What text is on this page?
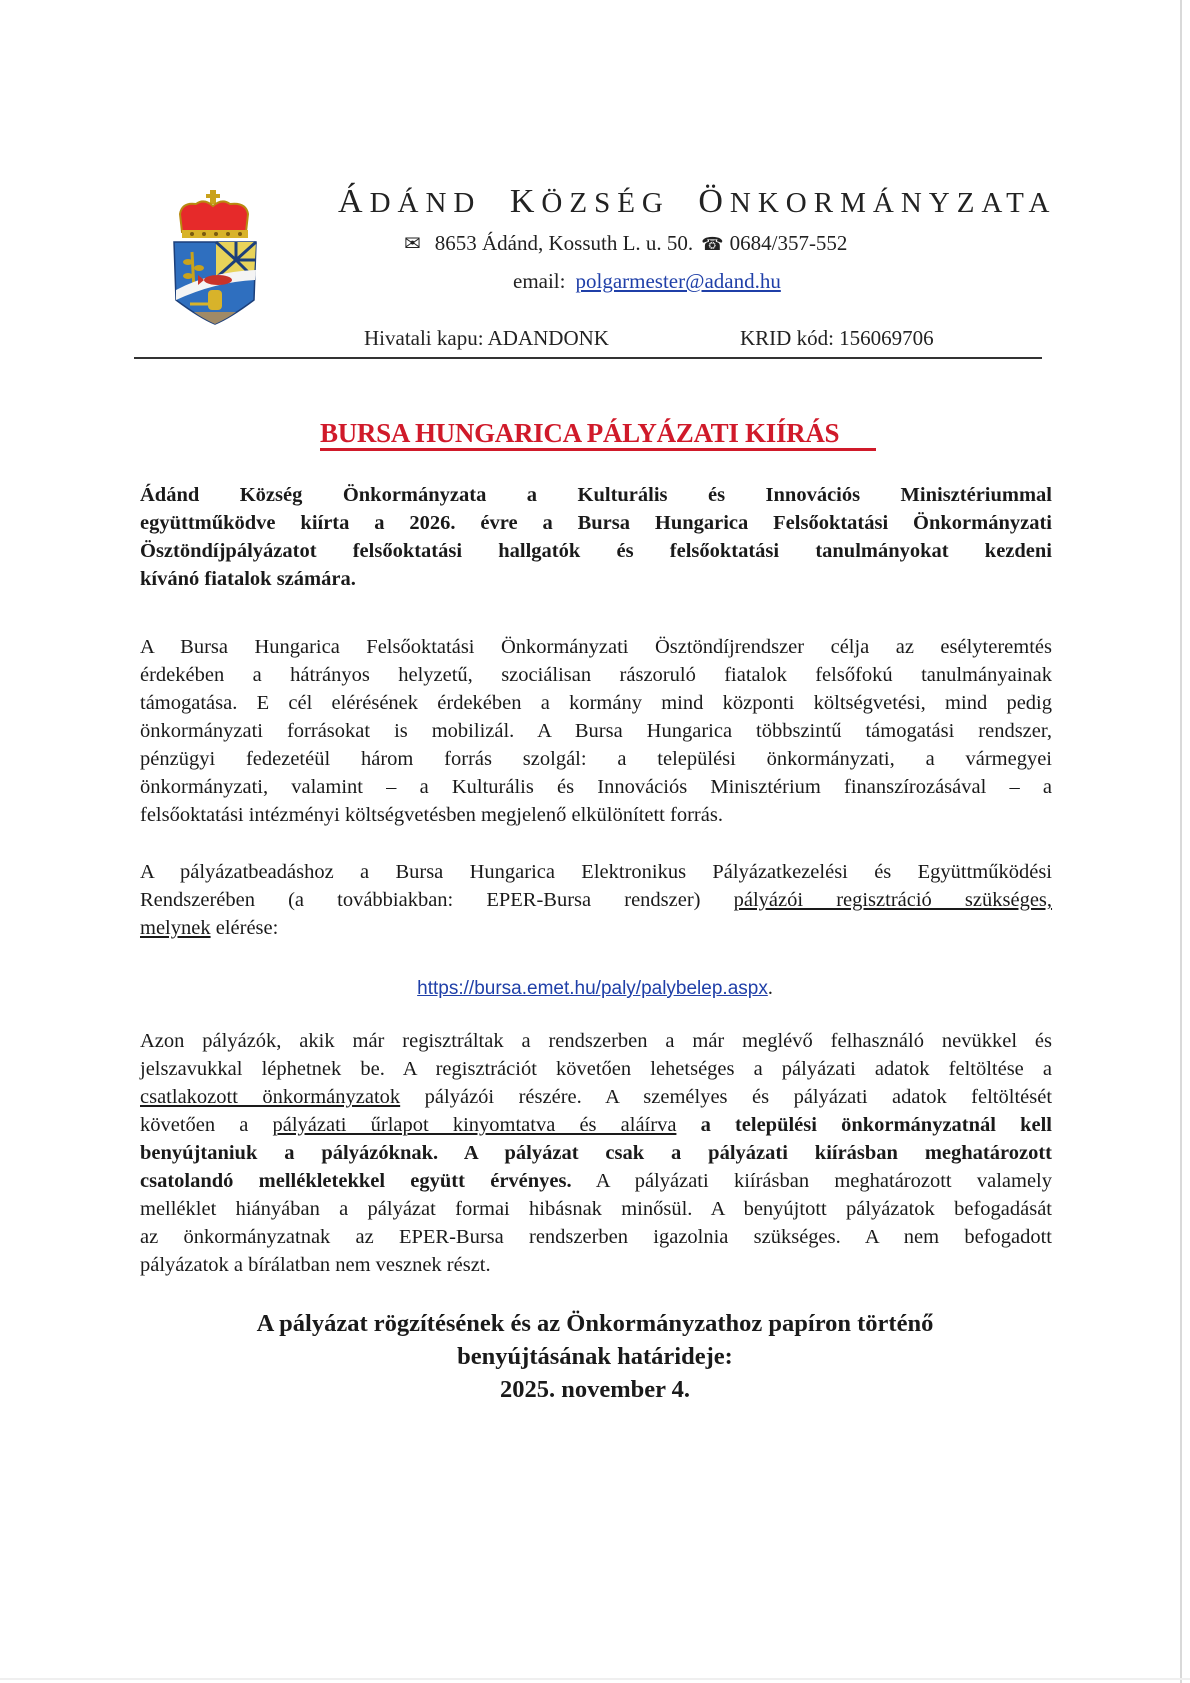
ÁDÁND KÖZSÉG ÖNKORMÁNYZATA
✉ 8653 Ádánd, Kossuth L. u. 50. ☎ 0684/357-552
email: polgarmester@adand.hu
Hivatali kapu: ADANDONK	KRID kód: 156069706
BURSA HUNGARICA PÁLYÁZATI KIÍRÁS
Ádánd Község Önkormányzata a Kulturális és Innovációs Minisztériummal
együttműködve kiírta a 2026. évre a Bursa Hungarica Felsőoktatási Önkormányzati
Ösztöndíjpályázatot felsőoktatási hallgatók és felsőoktatási tanulmányokat kezdeni
kívánó fiatalok számára.
A Bursa Hungarica Felsőoktatási Önkormányzati Ösztöndíjrendszer célja az esélyteremtés
érdekében a hátrányos helyzetű, szociálisan rászoruló fiatalok felsőfokú tanulmányainak
támogatása. E cél elérésének érdekében a kormány mind központi költségvetési, mind pedig
önkormányzati forrásokat is mobilizál. A Bursa Hungarica többszintű támogatási rendszer,
pénzügyi fedezetéül három forrás szolgál: a települési önkormányzati, a vármegyei
önkormányzati, valamint – a Kulturális és Innovációs Minisztérium finanszírozásával – a
felsőoktatási intézményi költségvetésben megjelenő elkülönített forrás.
A pályázatbeadáshoz a Bursa Hungarica Elektronikus Pályázatkezelési és Együttműködési
Rendszerében (a továbbiakban: EPER-Bursa rendszer) pályázói regisztráció szükséges,
melynek elérése:
https://bursa.emet.hu/paly/palybelep.aspx.
Azon pályázók, akik már regisztráltak a rendszerben a már meglévő felhasználó nevükkel és
jelszavukkal léphetnek be. A regisztrációt követően lehetséges a pályázati adatok feltöltése a
csatlakozott önkormányzatok pályázói részére. A személyes és pályázati adatok feltöltését
követően a pályázati űrlapot kinyomtatva és aláírva a települési önkormányzatnál kell
benyújtaniuk a pályázóknak. A pályázat csak a pályázati kiírásban meghatározott
csatolandó mellékletekkel együtt érvényes. A pályázati kiírásban meghatározott valamely
melléklet hiányában a pályázat formai hibásnak minősül. A benyújtott pályázatok befogadását
az önkormányzatnak az EPER-Bursa rendszerben igazolnia szükséges. A nem befogadott
pályázatok a bírálatban nem vesznek részt.
A pályázat rögzítésének és az Önkormányzathoz papíron történő
benyújtásának határideje:
2025. november 4.
